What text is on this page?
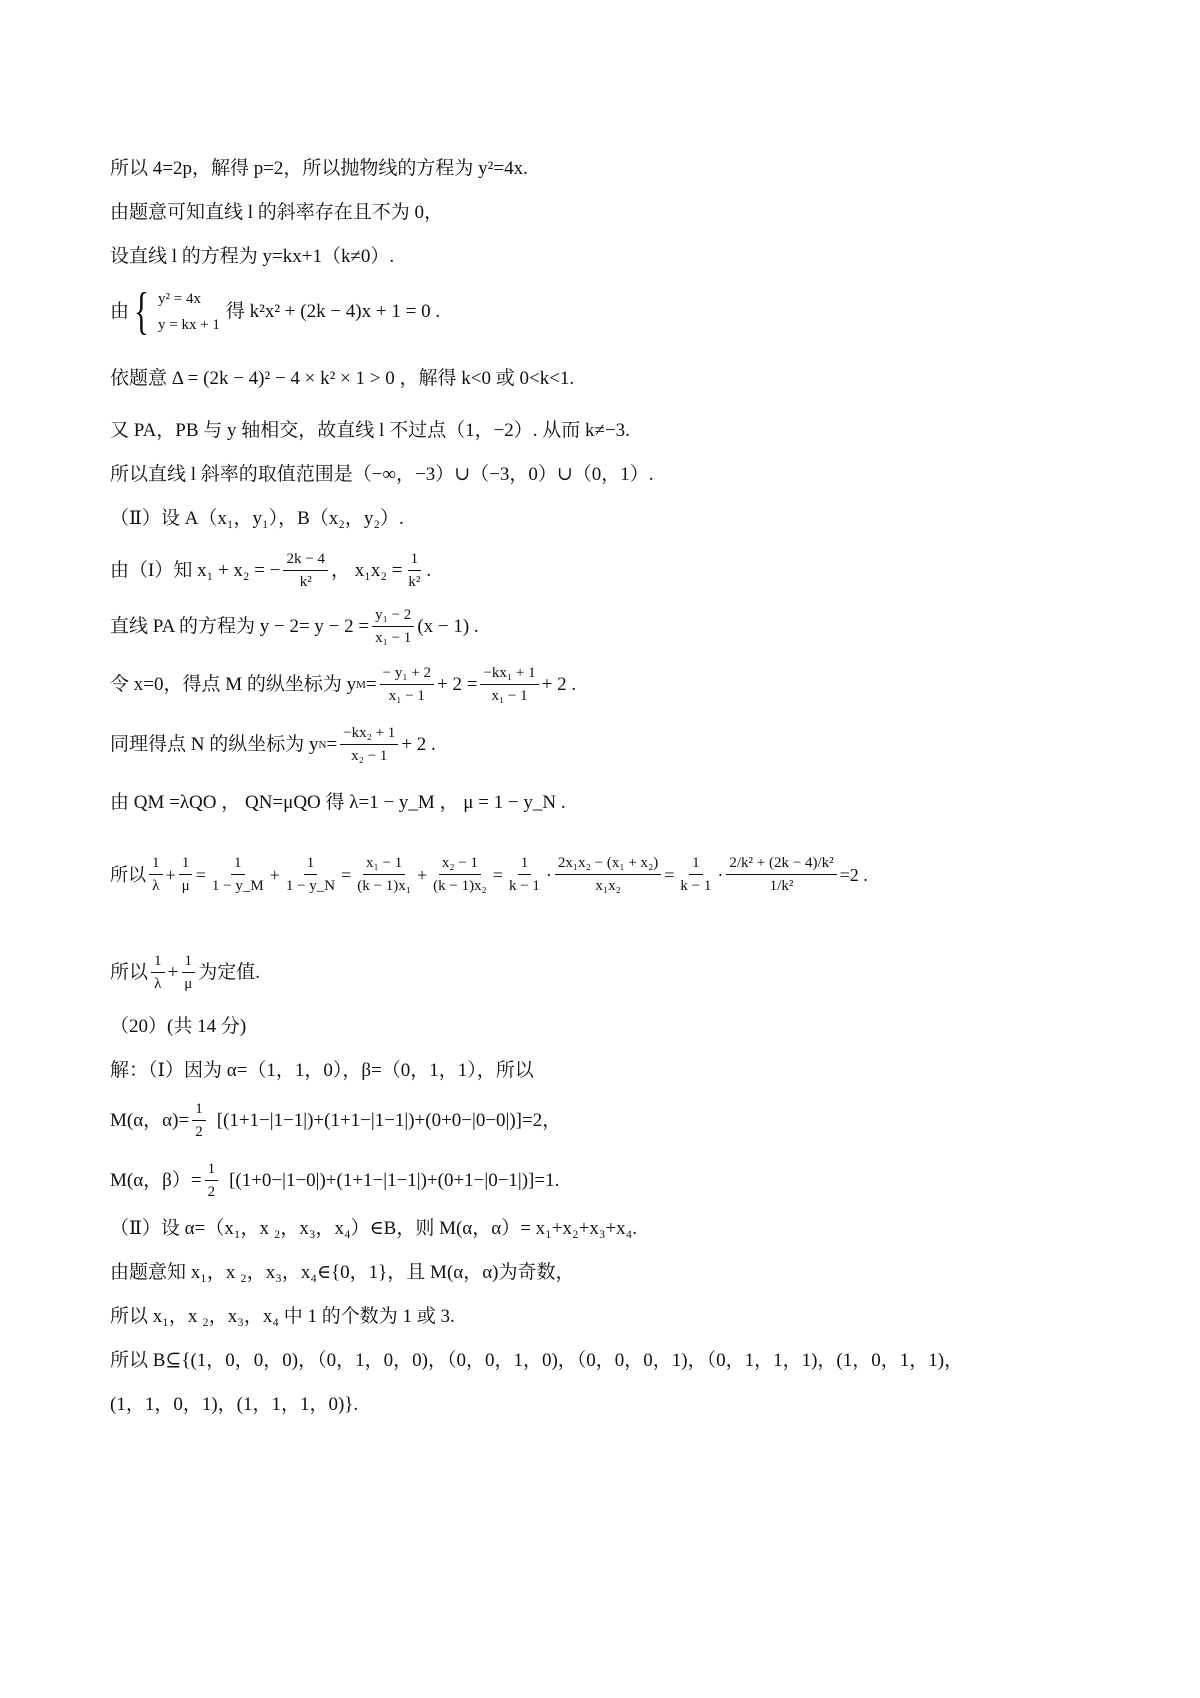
所以 4=2p，解得 p=2，所以抛物线的方程为 y²=4x.
由题意可知直线 l 的斜率存在且不为 0，
设直线 l 的方程为 y=kx+1（k≠0）.
由 { y² = 4x
y = kx + 1
得 k²x² + (2k − 4)x + 1 = 0 .
依题意 Δ = (2k − 4)² − 4 × k² × 1 > 0 ，解得 k<0 或 0<k<1.
又 PA，PB 与 y 轴相交，故直线 l 不过点（1，−2）. 从而 k≠−3.
所以直线 l 斜率的取值范围是（−∞，−3）∪（−3，0）∪（0，1）.
（Ⅱ）设 A（x₁，y₁），B（x₂，y₂）.
由（I）知 x₁ + x₂ = − $\frac{2k - 4}{\text{k²}}$ ， $x_1x_2 = \frac{1}{\text{k²}}$ .
直线 PA 的方程为 $y - 2= y - 2 = \frac{\text{y₁ − 2}}{\text{x₁ − 1}} (x - 1)$ .
令 x=0，得点 M 的纵坐标为 y $M = \frac{\text{− y₁ + 2}}{\text{x₁ − 1}} + 2 = \frac{\text{−kx₁ + 1}}{\text{x₁ − 1}} + 2$ .
同理得点 N 的纵坐标为 y $N = \frac{\text{−kx₂ + 1}}{\text{x₂ − 1}} + 2$ .
由 QM =λQO ， QN=μQO 得 λ=1 − y_M ， μ = 1 − y_N .
所以 $\frac{1}{\lambda} + \frac{1}{\mu} = \frac{1}{1 - y\_M} + \frac{1}{1 - y\_N} = \frac{\text{x₁ − 1}}{\text{(k − 1)x₁}} + \frac{\text{x₂ − 1}}{\text{(k − 1)x₂}} = \frac{1}{k - 1} \cdot \frac{\text{2x₁x₂ − (x₁ + x₂)}}{\text{x₁x₂}} = \frac{1}{k - 1} \cdot \frac{\text{2/k² + (2k − 4)/k²}}{\text{1/k²}} =2$ .
所以 $\frac{1}{\lambda} + \frac{1}{\mu}$ 为定值.
（20）(共 14 分)
解：（Ⅰ）因为 α=（1，1，0），β=（0，1，1），所以
M(α，$\alpha)= \frac{1}{2} [(1+1-|1-1|)+(1+1-|1-1|)+(0+0-|0-0|)]=2$，
M(α，$\beta)= \frac{1}{2} [(1+0-|1-0|)+(1+1-|1-1|)+(0+1-|0-1|)]=1$.
（Ⅱ）设 α=（x₁，x ₂，x₃，x₄）∈B，则 M(α，α）= x₁+x₂+x₃+x₄.
由题意知 x₁，x ₂，x₃，x₄∈{0，1}，且 M(α，α)为奇数，
所以 x₁，x ₂，x₃，x₄ 中 1 的个数为 1 或 3.
所以 B⊆{(1，0，0，0)，（0，1，0，0)，（0，0，1，0)，（0，0，0，1)，（0，1，1，1)，(1，0，1，1)，
(1，1，0，1)，(1，1，1，0)}.
